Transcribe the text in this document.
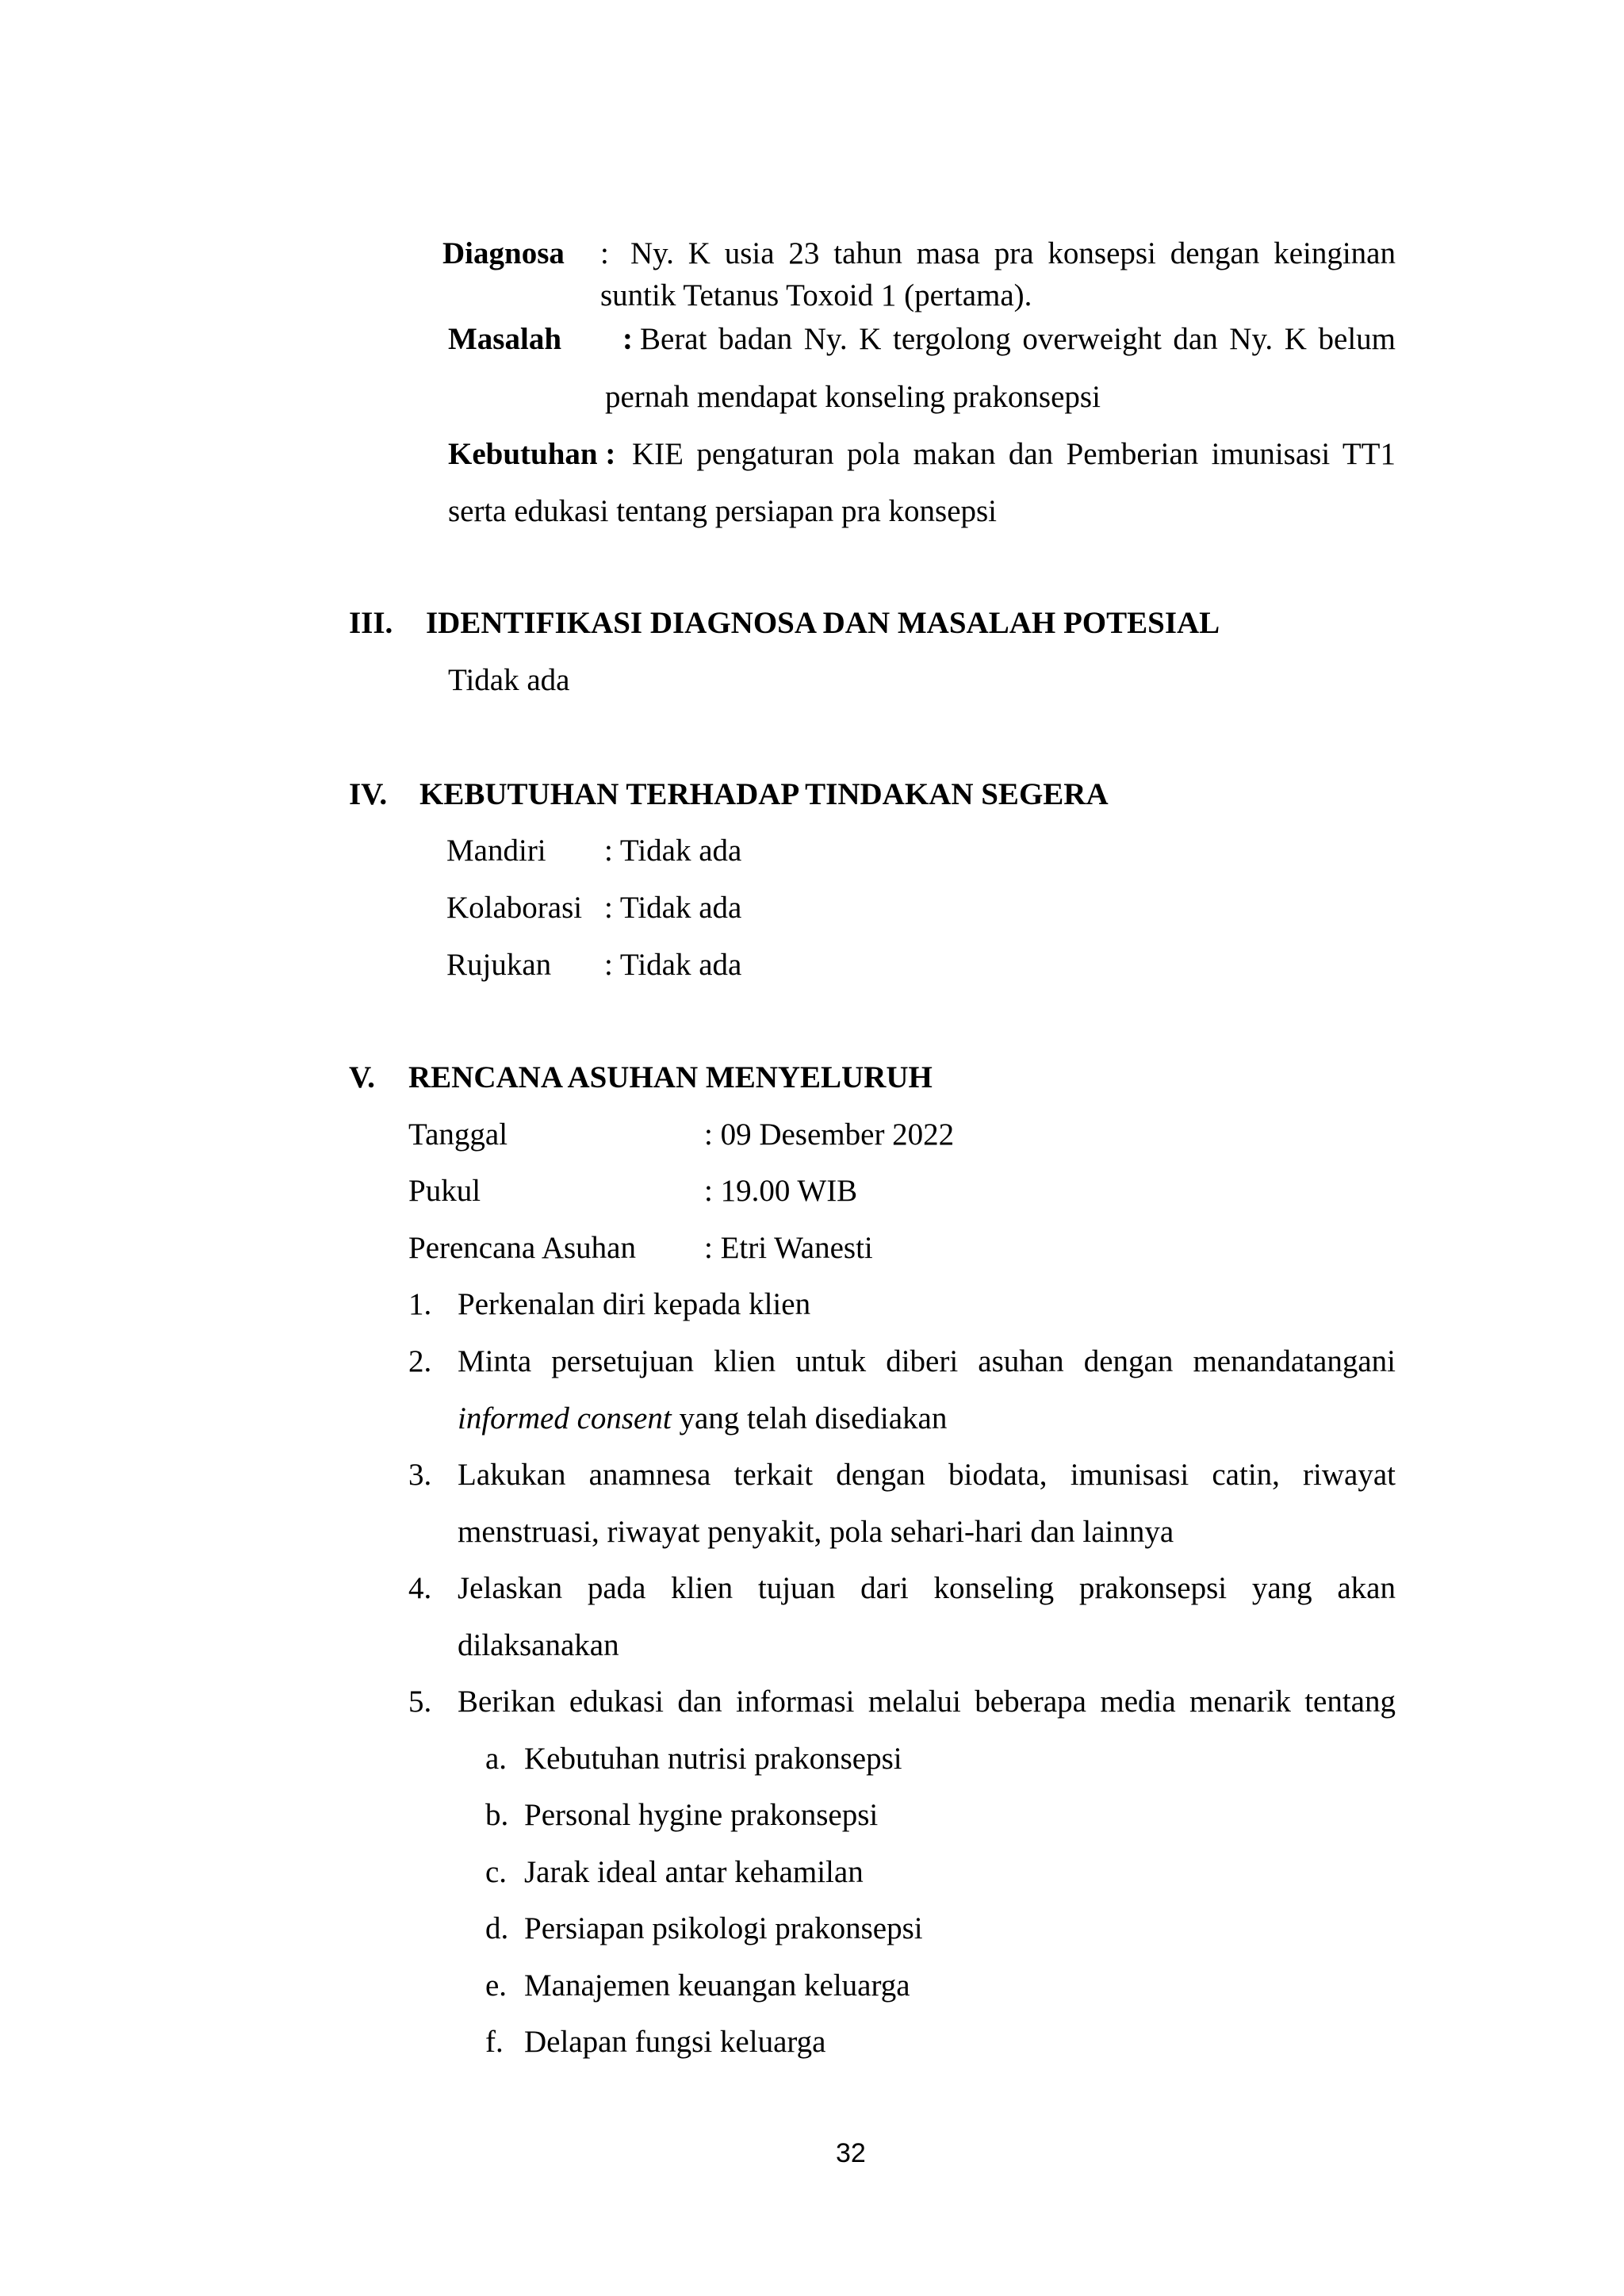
Diagnosa : Ny. K usia 23 tahun masa pra konsepsi dengan keinginan
suntik Tetanus Toxoid 1 (pertama).
Masalah : Berat badan Ny. K tergolong overweight dan Ny. K belum
pernah mendapat konseling prakonsepsi
Kebutuhan : KIE pengaturan pola makan dan Pemberian imunisasi TT1
serta edukasi tentang persiapan pra konsepsi
III. IDENTIFIKASI DIAGNOSA DAN MASALAH POTESIAL
Tidak ada
IV. KEBUTUHAN TERHADAP TINDAKAN SEGERA
Mandiri : Tidak ada
Kolaborasi : Tidak ada
Rujukan : Tidak ada
V. RENCANA ASUHAN MENYELURUH
Tanggal	: 09 Desember 2022
Pukul	: 19.00 WIB
Perencana Asuhan : Etri Wanesti
1. Perkenalan diri kepada klien
2. Minta persetujuan klien untuk diberi asuhan dengan menandatangani
informed consent yang telah disediakan
3. Lakukan anamnesa terkait dengan biodata, imunisasi catin, riwayat
menstruasi, riwayat penyakit, pola sehari-hari dan lainnya
4. Jelaskan pada klien tujuan dari konseling prakonsepsi yang akan
dilaksanakan
5. Berikan edukasi dan informasi melalui beberapa media menarik tentang
a. Kebutuhan nutrisi prakonsepsi
b. Personal hygine prakonsepsi
c. Jarak ideal antar kehamilan
d. Persiapan psikologi prakonsepsi
e. Manajemen keuangan keluarga
f. Delapan fungsi keluarga
32
